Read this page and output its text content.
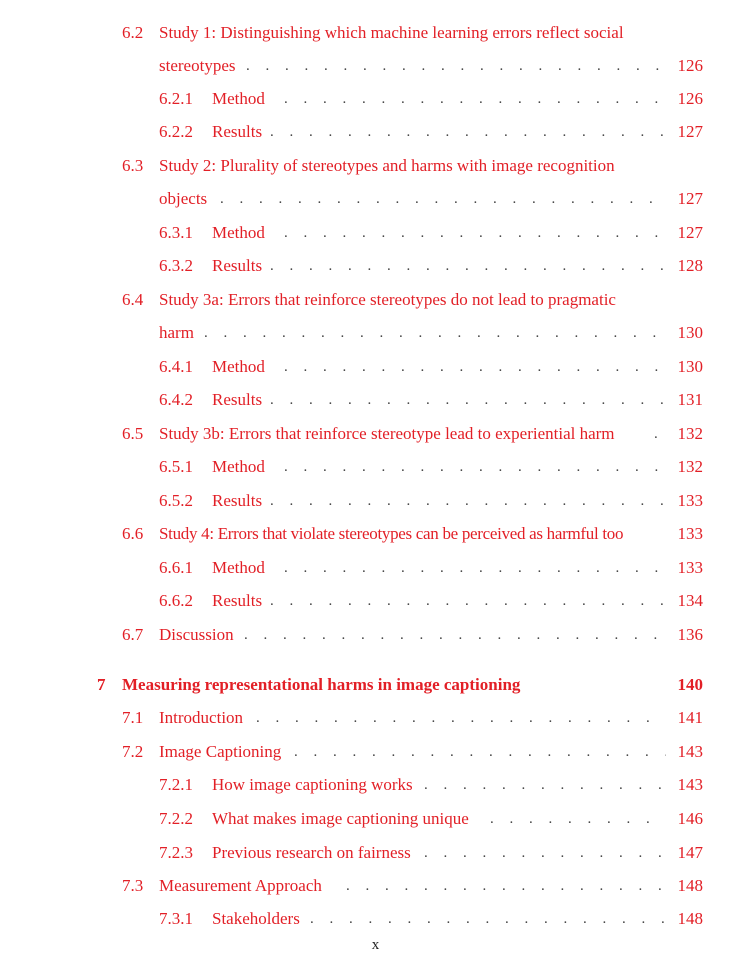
6.2 Study 1: Distinguishing which machine learning errors reflect social
stereotypes . . .	126
6.2.1 Method . . .	126
6.2.2 Results . . .	127
6.3 Study 2: Plurality of stereotypes and harms with image recognition
objects . . .	127
6.3.1 Method . . .	127
6.3.2 Results . . .	128
6.4 Study 3a: Errors that reinforce stereotypes do not lead to pragmatic
harm . . .	130
6.4.1 Method . . .	130
6.4.2 Results . . .	131
6.5 Study 3b: Errors that reinforce stereotype lead to experiential harm . . .	132
6.5.1 Method . . .	132
6.5.2 Results . . .	133
6.6 Study 4: Errors that violate stereotypes can be perceived as harmful too	133
6.6.1 Method . . .	133
6.6.2 Results . . .	134
6.7 Discussion . . .	136
7 Measuring representational harms in image captioning	140
7.1 Introduction . . .	141
7.2 Image Captioning . . .	143
7.2.1 How image captioning works . . .	143
7.2.2 What makes image captioning unique . . .	146
7.2.3 Previous research on fairness . . .	147
7.3 Measurement Approach . . .	148
7.3.1 Stakeholders . . .	148
x
